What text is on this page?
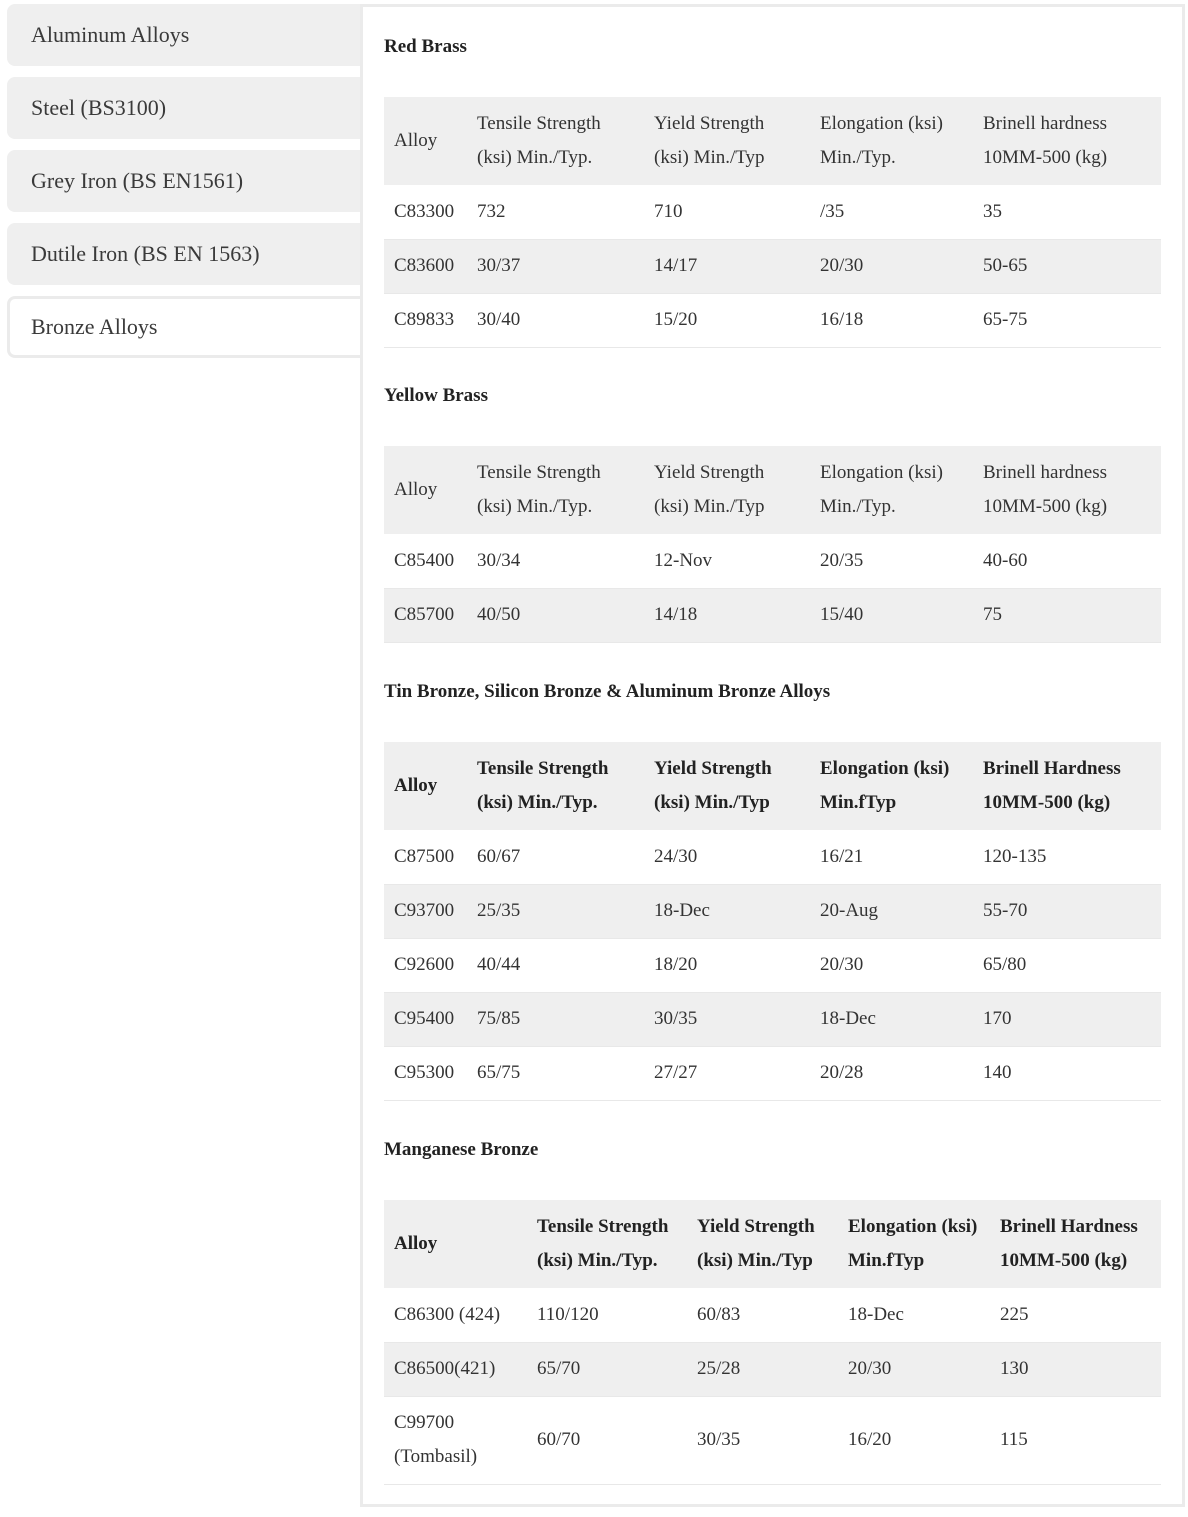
Aluminum Alloys
Steel (BS3100)
Grey Iron (BS EN1561)
Dutile Iron (BS EN 1563)
Bronze Alloys
Red Brass
Alloy	Tensile Strength (ksi) Min./Typ.	Yield Strength (ksi) Min./Typ	Elongation (ksi) Min./Typ.	Brinell hardness 10MM-500 (kg)
C83300	732	710	/35	35
C83600	30/37	14/17	20/30	50-65
C89833	30/40	15/20	16/18	65-75
Yellow Brass
Alloy	Tensile Strength (ksi) Min./Typ.	Yield Strength (ksi) Min./Typ	Elongation (ksi) Min./Typ.	Brinell hardness 10MM-500 (kg)
C85400	30/34	12-Nov	20/35	40-60
C85700	40/50	14/18	15/40	75
Tin Bronze, Silicon Bronze & Aluminum Bronze Alloys
Alloy	Tensile Strength (ksi) Min./Typ.	Yield Strength (ksi) Min./Typ	Elongation (ksi) Min.fTyp	Brinell Hardness 10MM-500 (kg)
C87500	60/67	24/30	16/21	120-135
C93700	25/35	18-Dec	20-Aug	55-70
C92600	40/44	18/20	20/30	65/80
C95400	75/85	30/35	18-Dec	170
C95300	65/75	27/27	20/28	140
Manganese Bronze
Alloy	Tensile Strength (ksi) Min./Typ.	Yield Strength (ksi) Min./Typ	Elongation (ksi) Min.fTyp	Brinell Hardness 10MM-500 (kg)
C86300 (424)	110/120	60/83	18-Dec	225
C86500(421)	65/70	25/28	20/30	130
C99700 (Tombasil)	60/70	30/35	16/20	115
